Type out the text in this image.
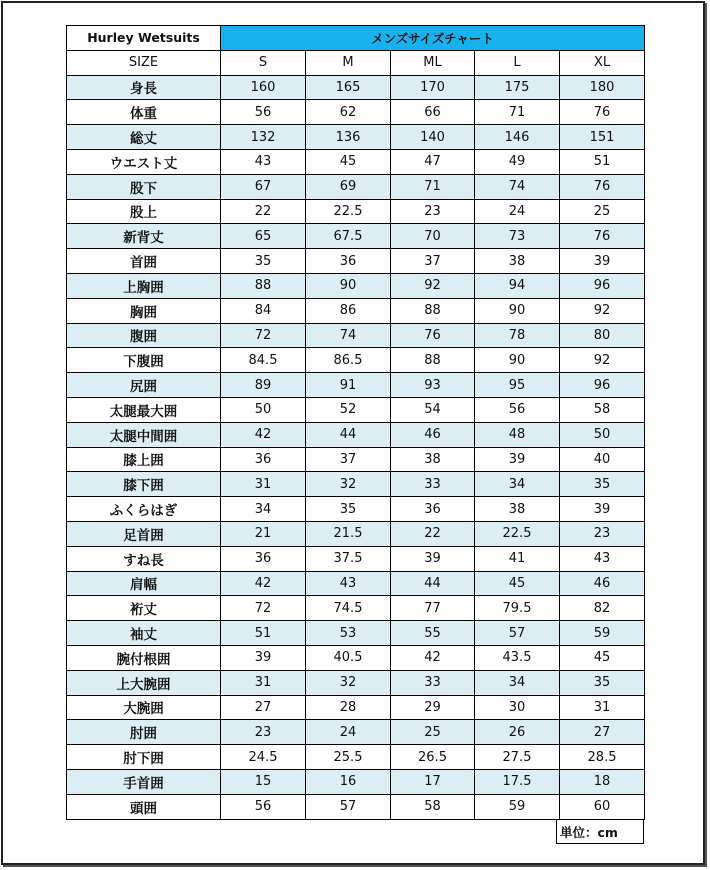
Hurley Wetsuits	メンズサイズチャート				
SIZE	S	M	ML	L	XL
身長	160	165	170	175	180
体重	56	62	66	71	76
総丈	132	136	140	146	151
ウエスト丈	43	45	47	49	51
股下	67	69	71	74	76
股上	22	22.5	23	24	25
新背丈	65	67.5	70	73	76
首囲	35	36	37	38	39
上胸囲	88	90	92	94	96
胸囲	84	86	88	90	92
腹囲	72	74	76	78	80
下腹囲	84.5	86.5	88	90	92
尻囲	89	91	93	95	96
太腿最大囲	50	52	54	56	58
太腿中間囲	42	44	46	48	50
膝上囲	36	37	38	39	40
膝下囲	31	32	33	34	35
ふくらはぎ	34	35	36	38	39
足首囲	21	21.5	22	22.5	23
すね長	36	37.5	39	41	43
肩幅	42	43	44	45	46
裄丈	72	74.5	77	79.5	82
袖丈	51	53	55	57	59
腕付根囲	39	40.5	42	43.5	45
上大腕囲	31	32	33	34	35
大腕囲	27	28	29	30	31
肘囲	23	24	25	26	27
肘下囲	24.5	25.5	26.5	27.5	28.5
手首囲	15	16	17	17.5	18
頭囲	56	57	58	59	60
単位：cm
